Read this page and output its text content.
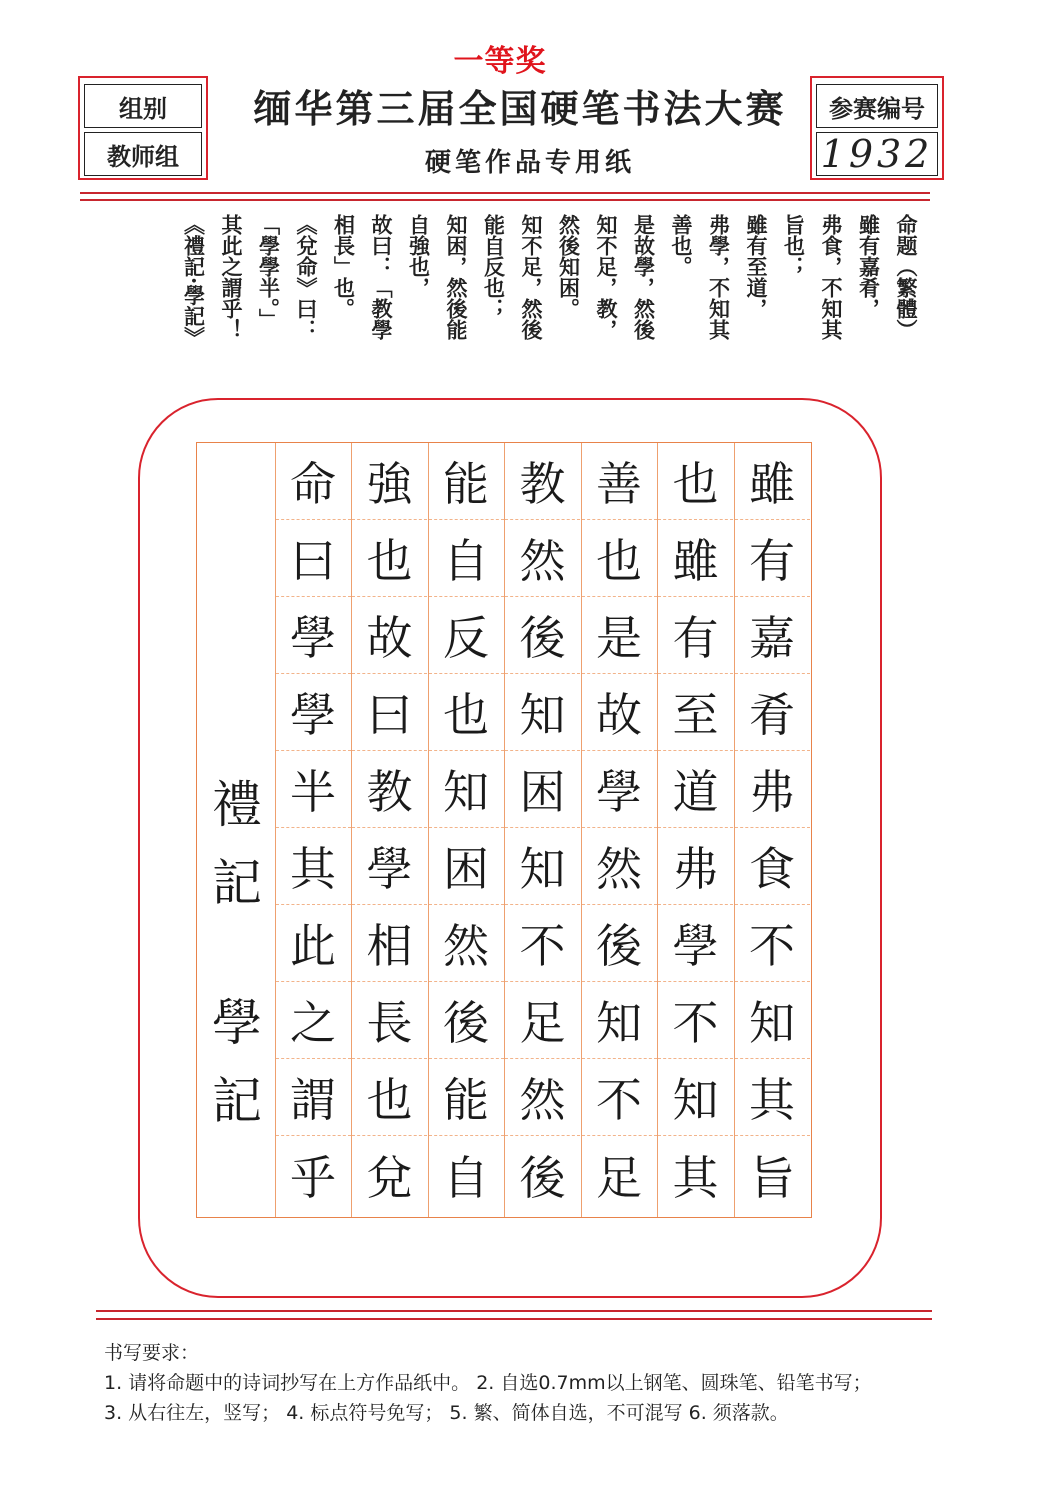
一等奖
组别
教师组
参赛编号
1932
缅华第三届全国硬笔书法大赛
硬笔作品专用纸
命题（繁體）
雖有嘉肴，
弗食，不知其
旨也；
雖有至道，
弗學，不知其
善也。
是故學，然後
知不足，教，
然後知困。
知不足，然後
能自反也；
知困，然後能
自強也，
故曰：「教學
相長」也。
《兌命》曰：
「學學半。」
其此之謂乎！
《禮記·學記》
禮
記
學
記
雖
有
嘉
肴
弗
食
不
知
其
旨
也
雖
有
至
道
弗
學
不
知
其
善
也
是
故
學
然
後
知
不
足
教
然
後
知
困
知
不
足
然
後
能
自
反
也
知
困
然
後
能
自
強
也
故
曰
教
學
相
長
也
兌
命
曰
學
學
半
其
此
之
謂
乎
书写要求：
1. 请将命题中的诗词抄写在上方作品纸中。 2. 自选0.7mm以上钢笔、圆珠笔、铅笔书写；
3. 从右往左，竖写； 4. 标点符号免写； 5. 繁、简体自选，不可混写 6. 须落款。
